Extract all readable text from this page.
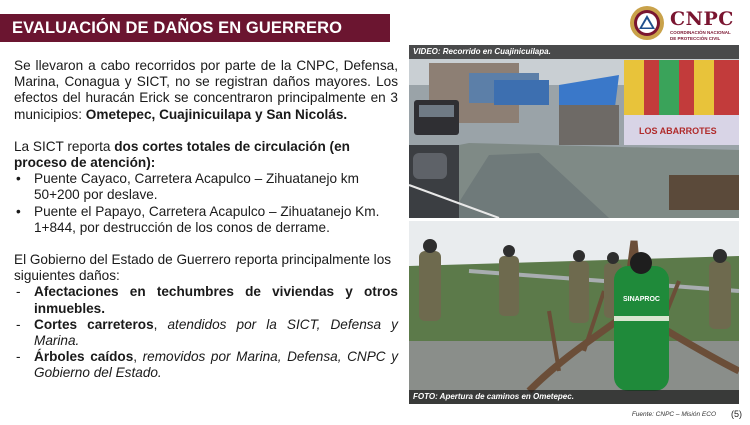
EVALUACIÓN DE DAÑOS EN GUERRERO	CNPC
COORDINACIÓN NACIONAL
DE PROTECCIÓN CIVIL

Se llevaron a cabo recorridos por parte de la CNPC, Defensa, Marina, Conagua y SICT, no se registran daños mayores. Los efectos del huracán Erick se concentraron principalmente en 3 municipios: Ometepec, Cuajinicuilapa y San Nicolás.

La SICT reporta dos cortes totales de circulación (en proceso de atención):

• Puente Cayaco, Carretera Acapulco – Zihuatanejo km 50+200 por deslave.
• Puente el Papayo, Carretera Acapulco – Zihuatanejo Km. 1+844, por destrucción de los conos de derrame.

El Gobierno del Estado de Guerrero reporta principalmente los siguientes daños:

- Afectaciones en techumbres de viviendas y otros inmuebles.
- Cortes carreteros, atendidos por la SICT, Defensa y Marina.
- Árboles caídos, removidos por Marina, Defensa, CNPC y Gobierno del Estado.
LOS ABARROTES
VIDEO: Recorrido en Cuajinicuilapa.
SINAPROC
FOTO: Apertura de caminos en Ometepec.
Fuente: CNPC – Misión ECO (5)
